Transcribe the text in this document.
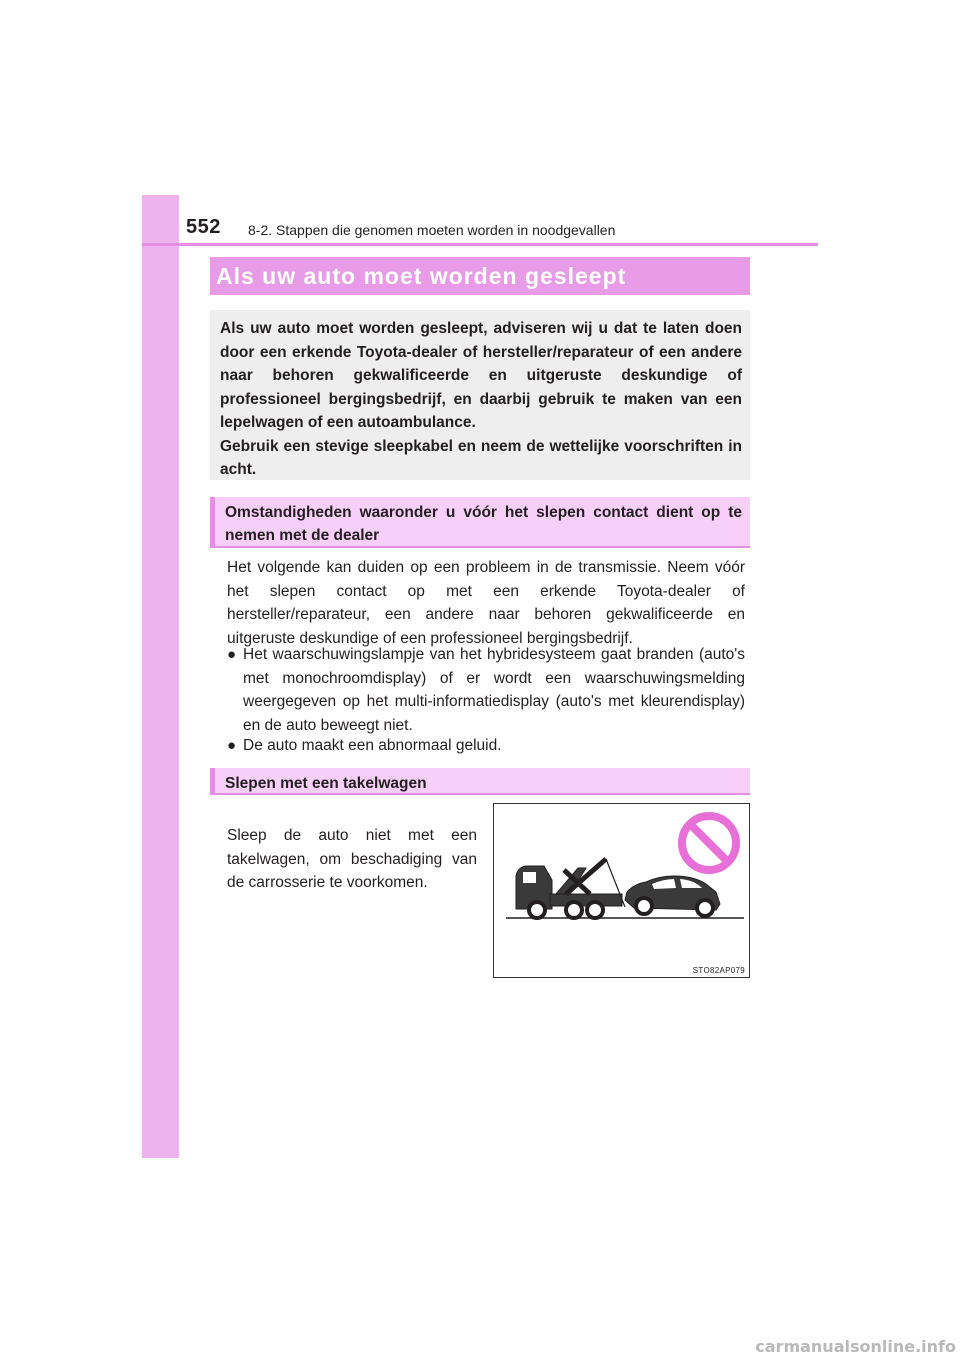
552 8-2. Stappen die genomen moeten worden in noodgevallen
Als uw auto moet worden gesleept
Als uw auto moet worden gesleept, adviseren wij u dat te laten doen door een erkende Toyota-dealer of hersteller/reparateur of een andere naar behoren gekwalificeerde en uitgeruste deskundige of professioneel bergingsbedrijf, en daarbij gebruik te maken van een lepelwagen of een autoambulance.
Gebruik een stevige sleepkabel en neem de wettelijke voorschriften in acht.
Omstandigheden waaronder u vóór het slepen contact dient op te nemen met de dealer

Het volgende kan duiden op een probleem in de transmissie. Neem vóór het slepen contact op met een erkende Toyota-dealer of hersteller/reparateur, een andere naar behoren gekwalificeerde en uitgeruste deskundige of een professioneel bergingsbedrijf.

● Het waarschuwingslampje van het hybridesysteem gaat branden (auto's met monochroomdisplay) of er wordt een waarschuwingsmelding weergegeven op het multi-informatiedisplay (auto's met kleurendisplay) en de auto beweegt niet.
● De auto maakt een abnormaal geluid.
Slepen met een takelwagen

Sleep de auto niet met een takelwagen, om beschadiging van de carrosserie te voorkomen.

STO82AP079
carmanualsonline.info
